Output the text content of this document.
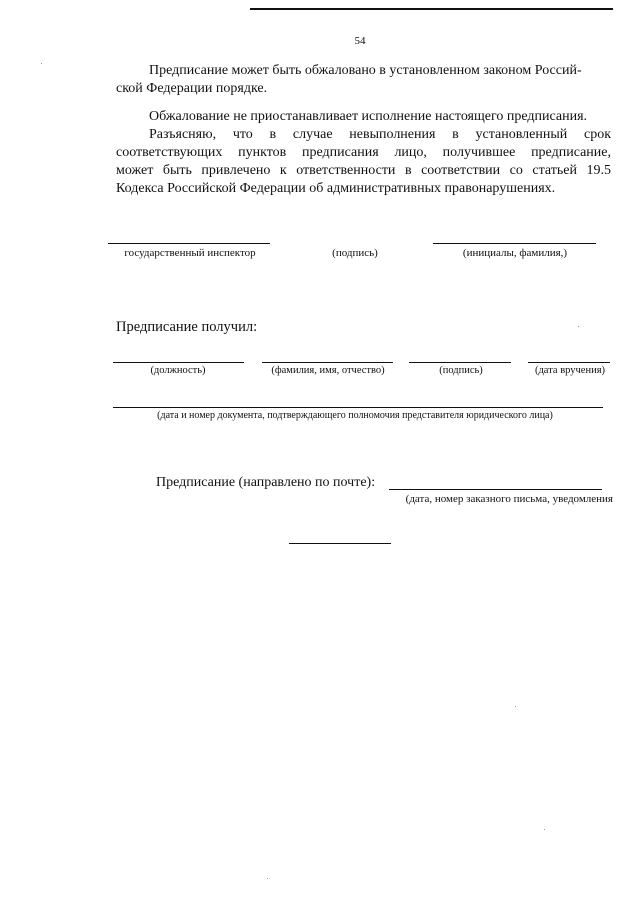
54
Предписание может быть обжаловано в установленном законом Россий-
ской Федерации порядке.
Обжалование не приостанавливает исполнение настоящего предписания.
Разъясняю, что в случае невыполнения в установленный срок
соответствующих пунктов предписания лицо, получившее предписание,
может быть привлечено к ответственности в соответствии со статьей 19.5
Кодекса Российской Федерации об административных правонарушениях.
государственный инспектор	(подпись)	(инициалы, фамилия,)
Предписание получил:
(должность)	(фамилия, имя, отчество)	(подпись)	(дата вручения)
(дата и номер документа, подтверждающего полномочия представителя юридического лица)
Предписание (направлено по почте):
(дата, номер заказного письма, уведомления
